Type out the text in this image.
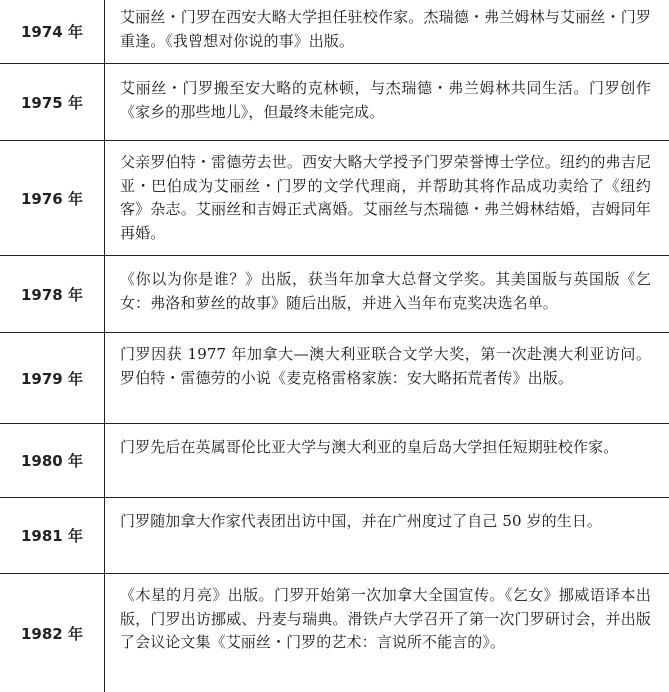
1974 年
艾丽丝・门罗在西安大略大学担任驻校作家。杰瑞德・弗兰姆林与艾丽丝・门罗重逢。《我曾想对你说的事》出版。
1975 年
艾丽丝・门罗搬至安大略的克林顿，与杰瑞德・弗兰姆林共同生活。门罗创作《家乡的那些地儿》，但最终未能完成。
1976 年
父亲罗伯特・雷德劳去世。西安大略大学授予门罗荣誉博士学位。纽约的弗吉尼亚・巴伯成为艾丽丝・门罗的文学代理商，并帮助其将作品成功卖给了《纽约客》杂志。艾丽丝和吉姆正式离婚。艾丽丝与杰瑞德・弗兰姆林结婚，吉姆同年再婚。
1978 年
《你以为你是谁？》出版，获当年加拿大总督文学奖。其美国版与英国版《乞女：弗洛和萝丝的故事》随后出版，并进入当年布克奖决选名单。
1979 年
门罗因获 1977 年加拿大—澳大利亚联合文学大奖，第一次赴澳大利亚访问。罗伯特・雷德劳的小说《麦克格雷格家族：安大略拓荒者传》出版。
1980 年
门罗先后在英属哥伦比亚大学与澳大利亚的皇后岛大学担任短期驻校作家。
1981 年
门罗随加拿大作家代表团出访中国，并在广州度过了自己 50 岁的生日。
1982 年
《木星的月亮》出版。门罗开始第一次加拿大全国宣传。《乞女》挪威语译本出版，门罗出访挪威、丹麦与瑞典。滑铁卢大学召开了第一次门罗研讨会，并出版了会议论文集《艾丽丝・门罗的艺术：言说所不能言的》。
